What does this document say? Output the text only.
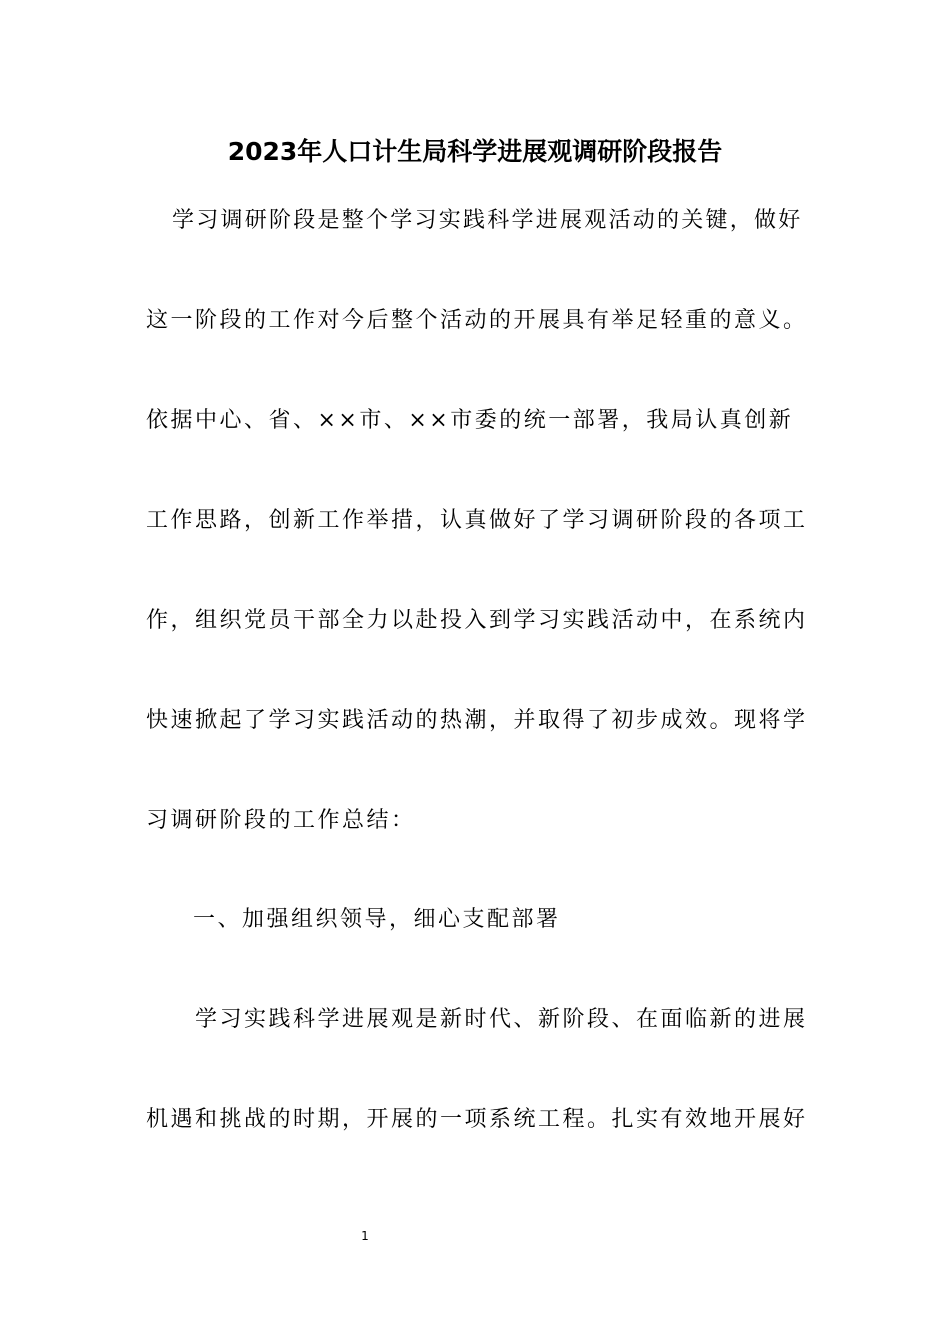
2023年人口计生局科学进展观调研阶段报告
学习调研阶段是整个学习实践科学进展观活动的关键，做好
这一阶段的工作对今后整个活动的开展具有举足轻重的意义。
依据中心、省、××市、××市委的统一部署，我局认真创新
工作思路，创新工作举措，认真做好了学习调研阶段的各项工
作，组织党员干部全力以赴投入到学习实践活动中，在系统内
快速掀起了学习实践活动的热潮，并取得了初步成效。现将学
习调研阶段的工作总结：
一、加强组织领导，细心支配部署
学习实践科学进展观是新时代、新阶段、在面临新的进展
机遇和挑战的时期，开展的一项系统工程。扎实有效地开展好
1
